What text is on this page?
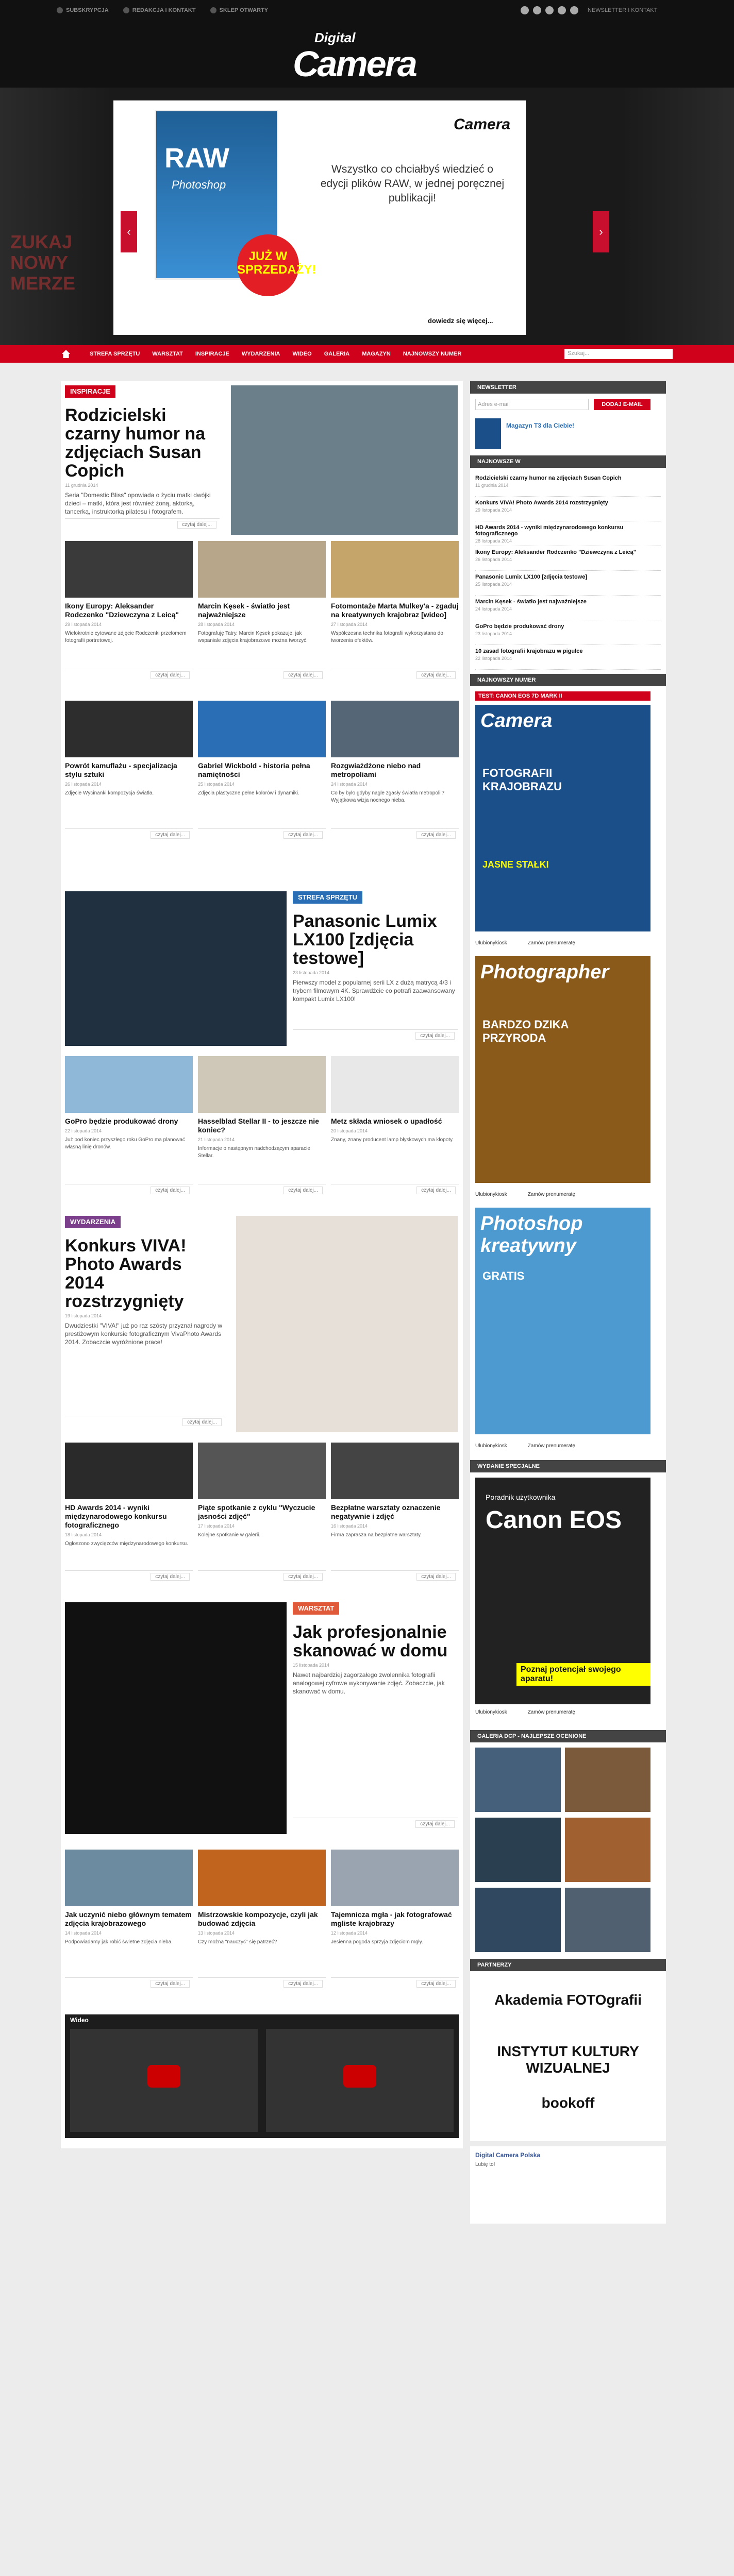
SUBSKRYPCJA	REDAKCJA I KONTAKT	SKLEP OTWARTY	NEWSLETTER I KONTAKT
Digital
Camera
ZUKAJ NOWY MERZE
RAW
Photoshop
JUŻ W SPRZEDAŻY!
Camera
Wszystko co chciałbyś wiedzieć o edycji plików RAW, w jednej poręcznej publikacji!
dowiedz się więcej...
‹	›
STREFA SPRZĘTU	WARSZTAT	INSPIRACJE	WYDARZENIA	WIDEO	GALERIA	MAGAZYN	NAJNOWSZY NUMER	Szukaj...
INSPIRACJE
Rodzicielski czarny humor na zdjęciach Susan Copich
11 grudnia 2014
Seria "Domestic Bliss" opowiada o życiu matki dwójki dzieci – matki, która jest również żoną, aktorką, tancerką, instruktorką pilatesu i fotografem.
czytaj dalej...
Ikony Europy: Aleksander Rodczenko "Dziewczyna z Leicą"
29 listopada 2014
Wielokrotnie cytowane zdjęcie Rodczenki przełomem fotografii portretowej.
czytaj dalej...
Marcin Kęsek - światło jest najważniejsze
28 listopada 2014
Fotografuję Tatry. Marcin Kęsek pokazuje, jak wspaniale zdjęcia krajobrazowe można tworzyć.
czytaj dalej...
Fotomontaże Marta Mulkey'a - zgaduj na kreatywnych krajobraz [wideo]
27 listopada 2014
Współczesna technika fotografii wykorzystana do tworzenia efektów.
czytaj dalej...
Powrót kamuflażu - specjalizacja stylu sztuki
26 listopada 2014
Zdjęcie Wycinanki kompozycja światła.
czytaj dalej...
Gabriel Wickbold - historia pełna namiętności
25 listopada 2014
Zdjęcia plastyczne pełne kolorów i dynamiki.
czytaj dalej...
Rozgwiażdżone niebo nad metropoliami
24 listopada 2014
Co by było gdyby nagle zgasły światła metropolii? Wyjątkowa wizja nocnego nieba.
czytaj dalej...
STREFA SPRZĘTU
Panasonic Lumix LX100 [zdjęcia testowe]
23 listopada 2014
Pierwszy model z popularnej serii LX z dużą matrycą 4/3 i trybem filmowym 4K. Sprawdźcie co potrafi zaawansowany kompakt Lumix LX100!
czytaj dalej...
GoPro będzie produkować drony
22 listopada 2014
Już pod koniec przyszłego roku GoPro ma planować własną linię dronów.
czytaj dalej...
Hasselblad Stellar II - to jeszcze nie koniec?
21 listopada 2014
Informacje o następnym nadchodzącym aparacie Stellar.
czytaj dalej...
Metz składa wniosek o upadłość
20 listopada 2014
Znany, znany producent lamp błyskowych ma kłopoty.
czytaj dalej...
WYDARZENIA
Konkurs VIVA! Photo Awards 2014 rozstrzygnięty
19 listopada 2014
Dwudziestki "VIVA!" już po raz szósty przyznał nagrody w prestiżowym konkursie fotograficznym VivaPhoto Awards 2014. Zobaczcie wyróżnione prace!
czytaj dalej...
HD Awards 2014 - wyniki międzynarodowego konkursu fotograficznego
18 listopada 2014
Ogłoszono zwycięzców międzynarodowego konkursu.
czytaj dalej...
Piąte spotkanie z cyklu "Wyczucie jasności zdjęć"
17 listopada 2014
Kolejne spotkanie w galerii.
czytaj dalej...
Bezpłatne warsztaty oznaczenie negatywnie i zdjęć
16 listopada 2014
Firma zaprasza na bezpłatne warsztaty.
czytaj dalej...
WARSZTAT
Jak profesjonalnie skanować w domu
15 listopada 2014
Nawet najbardziej zagorzałego zwolennika fotografii analogowej cyfrowe wykonywanie zdjęć. Zobaczcie, jak skanować w domu.
czytaj dalej...
Jak uczynić niebo głównym tematem zdjęcia krajobrazowego
14 listopada 2014
Podpowiadamy jak robić świetne zdjęcia nieba.
czytaj dalej...
Mistrzowskie kompozycje, czyli jak budować zdjęcia
13 listopada 2014
Czy można "nauczyć" się patrzeć?
czytaj dalej...
Tajemnicza mgła - jak fotografować mgliste krajobrazy
12 listopada 2014
Jesienna pogoda sprzyja zdjęciom mgły.
czytaj dalej...
Wideo
NEWSLETTER
Adres e-mail	DODAJ E-MAIL
Magazyn T3 dla Ciebie!
NAJNOWSZE W
Rodzicielski czarny humor na zdjęciach Susan Copich
11 grudnia 2014
Konkurs VIVA! Photo Awards 2014 rozstrzygnięty
29 listopada 2014
HD Awards 2014 - wyniki międzynarodowego konkursu fotograficznego
28 listopada 2014
Ikony Europy: Aleksander Rodczenko "Dziewczyna z Leicą"
26 listopada 2014
Panasonic Lumix LX100 [zdjęcia testowe]
25 listopada 2014
Marcin Kęsek - światło jest najważniejsze
24 listopada 2014
GoPro będzie produkować drony
23 listopada 2014
10 zasad fotografii krajobrazu w pigułce
22 listopada 2014
NAJNOWSZY NUMER
TEST: CANON EOS 7D MARK II
Camera
FOTOGRAFII KRAJOBRAZU
JASNE STAŁKI
Ulubionykiosk	Zamów prenumeratę
Photographer
BARDZO DZIKA PRZYRODA
Ulubionykiosk	Zamów prenumeratę
Photoshop kreatywny
GRATIS
Ulubionykiosk	Zamów prenumeratę
WYDANIE SPECJALNE
Poradnik użytkownika
Canon EOS
Poznaj potencjał swojego aparatu!
Ulubionykiosk	Zamów prenumeratę
GALERIA DCP - NAJLEPSZE OCENIONE
PARTNERZY
Akademia FOTOgrafii
INSTYTUT KULTURY WIZUALNEJ
bookoff
Digital Camera Polska
Lubię to!
